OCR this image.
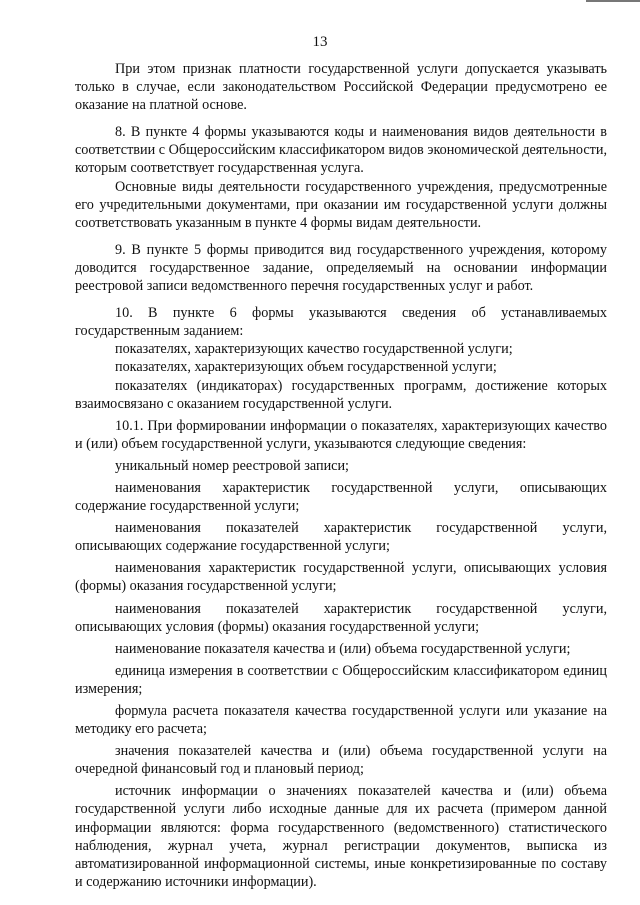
13

При этом признак платности государственной услуги допускается указывать только в случае, если законодательством Российской Федерации предусмотрено ее оказание на платной основе.

8. В пункте 4 формы указываются коды и наименования видов деятельности в соответствии с Общероссийским классификатором видов экономической деятельности, которым соответствует государственная услуга.

Основные виды деятельности государственного учреждения, предусмотренные его учредительными документами, при оказании им государственной услуги должны соответствовать указанным в пункте 4 формы видам деятельности.

9. В пункте 5 формы приводится вид государственного учреждения, которому доводится государственное задание, определяемый на основании информации реестровой записи ведомственного перечня государственных услуг и работ.

10. В пункте 6 формы указываются сведения об устанавливаемых государственным заданием:

показателях, характеризующих качество государственной услуги;

показателях, характеризующих объем государственной услуги;

показателях (индикаторах) государственных программ, достижение которых взаимосвязано с оказанием государственной услуги.

10.1. При формировании информации о показателях, характеризующих качество и (или) объем государственной услуги, указываются следующие сведения:

уникальный номер реестровой записи;

наименования характеристик государственной услуги, описывающих содержание государственной услуги;

наименования показателей характеристик государственной услуги, описывающих содержание государственной услуги;

наименования характеристик государственной услуги, описывающих условия (формы) оказания государственной услуги;

наименования показателей характеристик государственной услуги, описывающих условия (формы) оказания государственной услуги;

наименование показателя качества и (или) объема государственной услуги;

единица измерения в соответствии с Общероссийским классификатором единиц измерения;

формула расчета показателя качества государственной услуги или указание на методику его расчета;

значения показателей качества и (или) объема государственной услуги на очередной финансовый год и плановый период;

источник информации о значениях показателей качества и (или) объема государственной услуги либо исходные данные для их расчета (примером данной информации являются: форма государственного (ведомственного) статистического наблюдения, журнал учета, журнал регистрации документов, выписка из автоматизированной информационной системы, иные конкретизированные по составу и содержанию источники информации).
